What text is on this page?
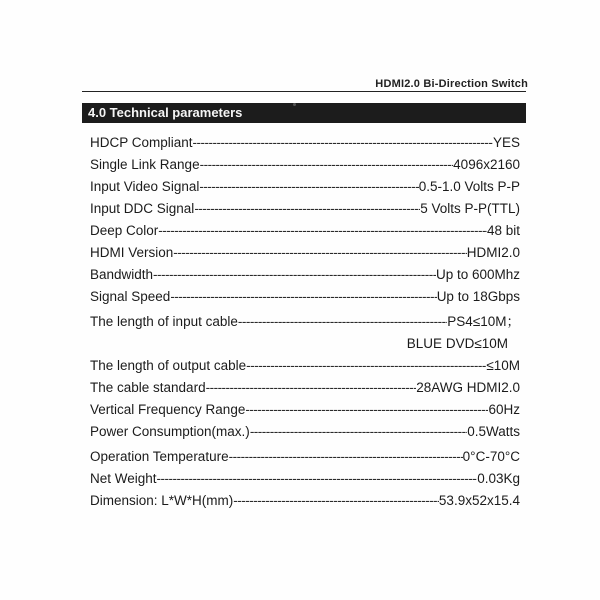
HDMI2.0 Bi-Direction Switch
4.0 Technical parameters
HDCP Compliant -----	YES
Single Link Range -----	4096x2160
Input Video Signal -----	0.5-1.0 Volts P-P
Input DDC Signal -----	5 Volts P-P(TTL)
Deep Color -----	48 bit
HDMI Version -----	HDMI2.0
Bandwidth -----	Up to 600Mhz
Signal Speed -----	Up to 18Gbps
The length of input cable -----	PS4≤10M；
BLUE DVD≤10M
The length of output cable -----	≤10M
The cable standard -----	28AWG HDMI2.0
Vertical Frequency Range -----	60Hz
Power Consumption(max.) -----	0.5Watts
Operation Temperature -----	0°C-70°C
Net Weight -----	0.03Kg
Dimension: L*W*H(mm) -----	53.9x52x15.4
